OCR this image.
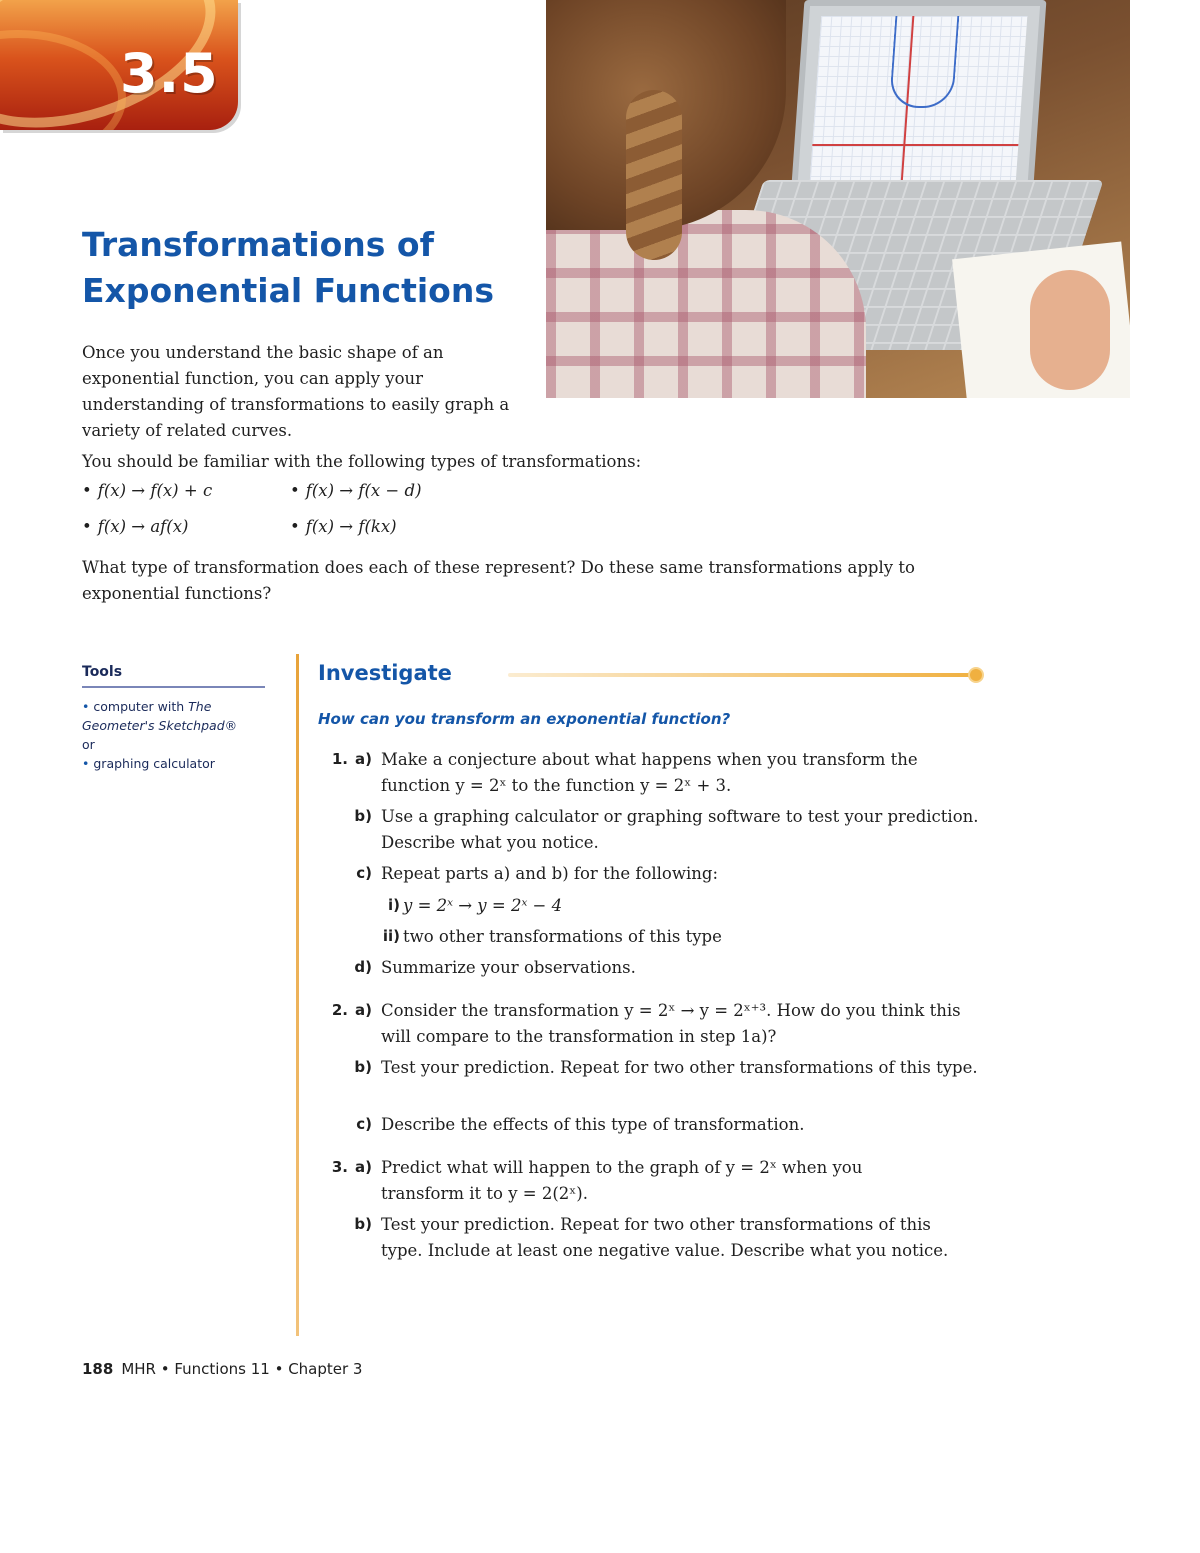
3.5
Transformations of
Exponential Functions

Once you understand the basic shape of an exponential function, you can apply your understanding of transformations to easily graph a variety of related curves.

You should be familiar with the following types of transformations:

• f(x) → f(x) + c	• f(x) → f(x − d)
• f(x) → af(x)	• f(x) → f(kx)

What type of transformation does each of these represent? Do these same transformations apply to exponential functions?

Tools

• computer with The Geometer's Sketchpad®

or

• graphing calculator

Investigate
How can you transform an exponential function?
1. a) Make a conjecture about what happens when you transform the function y = 2ˣ to the function y = 2ˣ + 3.
b) Use a graphing calculator or graphing software to test your prediction. Describe what you notice.
c) Repeat parts a) and b) for the following:
i) y = 2ˣ → y = 2ˣ − 4
ii) two other transformations of this type
d) Summarize your observations.
2. a) Consider the transformation y = 2ˣ → y = 2ˣ⁺³. How do you think this will compare to the transformation in step 1a)?
b) Test your prediction. Repeat for two other transformations of this type.
c) Describe the effects of this type of transformation.
3. a) Predict what will happen to the graph of y = 2ˣ when you transform it to y = 2(2ˣ).
b) Test your prediction. Repeat for two other transformations of this type. Include at least one negative value. Describe what you notice.
188 MHR • Functions 11 • Chapter 3
